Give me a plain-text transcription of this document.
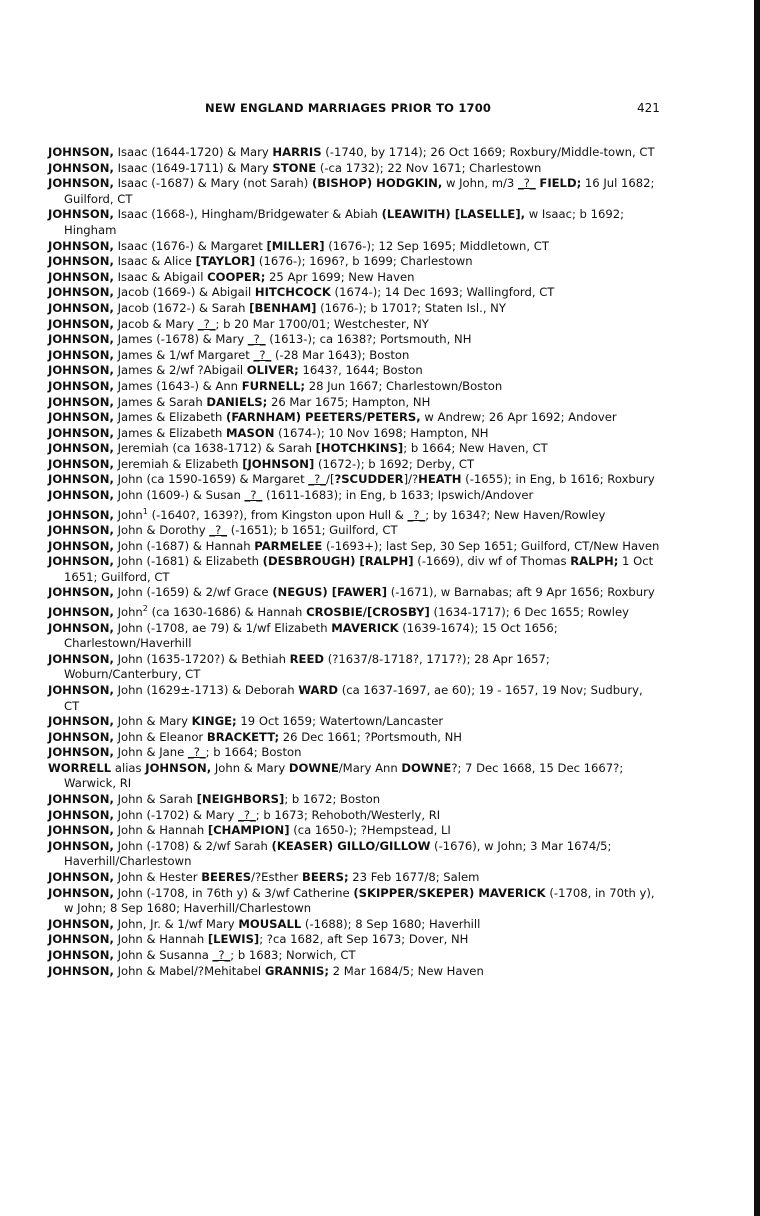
NEW ENGLAND MARRIAGES PRIOR TO 1700	421
JOHNSON, Isaac (1644-1720) & Mary HARRIS (-1740, by 1714); 26 Oct 1669; Roxbury/Middle-town, CT
JOHNSON, Isaac (1649-1711) & Mary STONE (-ca 1732); 22 Nov 1671; Charlestown
JOHNSON, Isaac (-1687) & Mary (not Sarah) (BISHOP) HODGKIN, w John, m/3 _?_ FIELD; 16 Jul 1682; Guilford, CT
JOHNSON, Isaac (1668-), Hingham/Bridgewater & Abiah (LEAWITH) [LASELLE], w Isaac; b 1692; Hingham
JOHNSON, Isaac (1676-) & Margaret [MILLER] (1676-); 12 Sep 1695; Middletown, CT
JOHNSON, Isaac & Alice [TAYLOR] (1676-); 1696?, b 1699; Charlestown
JOHNSON, Isaac & Abigail COOPER; 25 Apr 1699; New Haven
JOHNSON, Jacob (1669-) & Abigail HITCHCOCK (1674-); 14 Dec 1693; Wallingford, CT
JOHNSON, Jacob (1672-) & Sarah [BENHAM] (1676-); b 1701?; Staten Isl., NY
JOHNSON, Jacob & Mary _?_; b 20 Mar 1700/01; Westchester, NY
JOHNSON, James (-1678) & Mary _?_ (1613-); ca 1638?; Portsmouth, NH
JOHNSON, James & 1/wf Margaret _?_ (-28 Mar 1643); Boston
JOHNSON, James & 2/wf ?Abigail OLIVER; 1643?, 1644; Boston
JOHNSON, James (1643-) & Ann FURNELL; 28 Jun 1667; Charlestown/Boston
JOHNSON, James & Sarah DANIELS; 26 Mar 1675; Hampton, NH
JOHNSON, James & Elizabeth (FARNHAM) PEETERS/PETERS, w Andrew; 26 Apr 1692; Andover
JOHNSON, James & Elizabeth MASON (1674-); 10 Nov 1698; Hampton, NH
JOHNSON, Jeremiah (ca 1638-1712) & Sarah [HOTCHKINS]; b 1664; New Haven, CT
JOHNSON, Jeremiah & Elizabeth [JOHNSON] (1672-); b 1692; Derby, CT
JOHNSON, John (ca 1590-1659) & Margaret _?_/[?SCUDDER]/?HEATH (-1655); in Eng, b 1616; Roxbury
JOHNSON, John (1609-) & Susan _?_ (1611-1683); in Eng, b 1633; Ipswich/Andover
JOHNSON, John$^1$ (-1640?, 1639?), from Kingston upon Hull & _?_; by 1634?; New Haven/Rowley
JOHNSON, John & Dorothy _?_ (-1651); b 1651; Guilford, CT
JOHNSON, John (-1687) & Hannah PARMELEE (-1693+); last Sep, 30 Sep 1651; Guilford, CT/New Haven
JOHNSON, John (-1681) & Elizabeth (DESBROUGH) [RALPH] (-1669), div wf of Thomas RALPH; 1 Oct 1651; Guilford, CT
JOHNSON, John (-1659) & 2/wf Grace (NEGUS) [FAWER] (-1671), w Barnabas; aft 9 Apr 1656; Roxbury
JOHNSON, John$^2$ (ca 1630-1686) & Hannah CROSBIE/[CROSBY] (1634-1717); 6 Dec 1655; Rowley
JOHNSON, John (-1708, ae 79) & 1/wf Elizabeth MAVERICK (1639-1674); 15 Oct 1656; Charlestown/Haverhill
JOHNSON, John (1635-1720?) & Bethiah REED (?1637/8-1718?, 1717?); 28 Apr 1657; Woburn/Canterbury, CT
JOHNSON, John (1629±-1713) & Deborah WARD (ca 1637-1697, ae 60); 19 - 1657, 19 Nov; Sudbury, CT
JOHNSON, John & Mary KINGE; 19 Oct 1659; Watertown/Lancaster
JOHNSON, John & Eleanor BRACKETT; 26 Dec 1661; ?Portsmouth, NH
JOHNSON, John & Jane _?_; b 1664; Boston
WORRELL alias JOHNSON, John & Mary DOWNE/Mary Ann DOWNE?; 7 Dec 1668, 15 Dec 1667?; Warwick, RI
JOHNSON, John & Sarah [NEIGHBORS]; b 1672; Boston
JOHNSON, John (-1702) & Mary _?_; b 1673; Rehoboth/Westerly, RI
JOHNSON, John & Hannah [CHAMPION] (ca 1650-); ?Hempstead, LI
JOHNSON, John (-1708) & 2/wf Sarah (KEASER) GILLO/GILLOW (-1676), w John; 3 Mar 1674/5; Haverhill/Charlestown
JOHNSON, John & Hester BEERES/?Esther BEERS; 23 Feb 1677/8; Salem
JOHNSON, John (-1708, in 76th y) & 3/wf Catherine (SKIPPER/SKEPER) MAVERICK (-1708, in 70th y), w John; 8 Sep 1680; Haverhill/Charlestown
JOHNSON, John, Jr. & 1/wf Mary MOUSALL (-1688); 8 Sep 1680; Haverhill
JOHNSON, John & Hannah [LEWIS]; ?ca 1682, aft Sep 1673; Dover, NH
JOHNSON, John & Susanna _?_; b 1683; Norwich, CT
JOHNSON, John & Mabel/?Mehitabel GRANNIS; 2 Mar 1684/5; New Haven
